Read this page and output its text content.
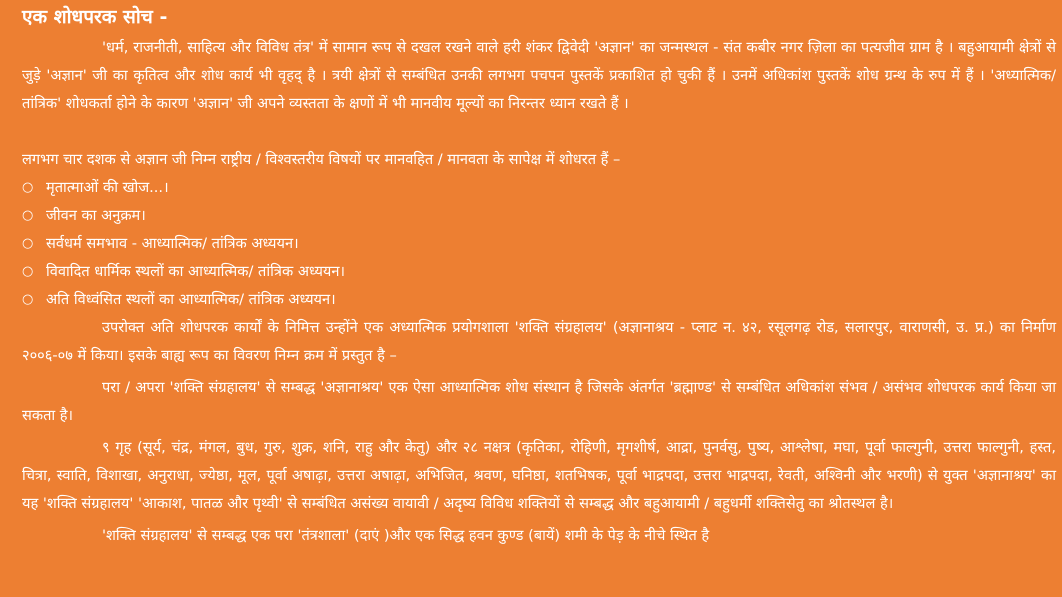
एक शोधपरक सोच -

'धर्म, राजनीती, साहित्य और विविध तंत्र' में सामान रूप से दखल रखने वाले हरी शंकर द्विवेदी 'अज्ञान' का जन्मस्थल - संत कबीर नगर ज़िला का पत्यजीव ग्राम है । बहुआयामी क्षेत्रों से जुड़े 'अज्ञान' जी का कृतित्व और शोध कार्य भी वृहद् है । त्रयी क्षेत्रों से सम्बंधित उनकी लगभग पचपन पुस्तकें प्रकाशित हो चुकी हैं । उनमें अधिकांश पुस्तकें शोध ग्रन्थ के रुप में हैं । 'अध्यात्मिक/ तांत्रिक' शोधकर्ता होने के कारण 'अज्ञान' जी अपने व्यस्तता के क्षणों में भी मानवीय मूल्यों का निरन्तर ध्यान रखते हैं ।

लगभग चार दशक से अज्ञान जी निम्न राष्ट्रीय / विश्वस्तरीय विषयों पर मानवहित / मानवता के सापेक्ष में शोधरत हैं –

○ मृतात्माओं की खोज...।
○ जीवन का अनुक्रम।
○ सर्वधर्म समभाव - आध्यात्मिक/ तांत्रिक अध्ययन।
○ विवादित धार्मिक स्थलों का आध्यात्मिक/ तांत्रिक अध्ययन।
○ अति विध्वंसित स्थलों का आध्यात्मिक/ तांत्रिक अध्ययन।

उपरोक्त अति शोधपरक कार्यों के निमित्त उन्होंने एक अध्यात्मिक प्रयोगशाला 'शक्ति संग्रहालय' (अज्ञानाश्रय - प्लाट न. ४२, रसूलगढ़ रोड, सलारपुर, वाराणसी, उ. प्र.) का निर्माण २००६-०७ में किया। इसके बाह्य रूप का विवरण निम्न क्रम में प्रस्तुत है –

परा / अपरा 'शक्ति संग्रहालय' से सम्बद्ध 'अज्ञानाश्रय' एक ऐसा आध्यात्मिक शोध संस्थान है जिसके अंतर्गत 'ब्रह्माण्ड' से सम्बंधित अधिकांश संभव / असंभव शोधपरक कार्य किया जा सकता है।

९ गृह (सूर्य, चंद्र, मंगल, बुध, गुरु, शुक्र, शनि, राहु और केतु) और २८ नक्षत्र (कृतिका, रोहिणी, मृगशीर्ष, आद्रा, पुनर्वसु, पुष्य, आश्लेषा, मघा, पूर्वा फाल्गुनी, उत्तरा फाल्गुनी, हस्त, चित्रा, स्वाति, विशाखा, अनुराधा, ज्येष्ठा, मूल, पूर्वा अषाढ़ा, उत्तरा अषाढ़ा, अभिजित, श्रवण, घनिष्ठा, शतभिषक, पूर्वा भाद्रपदा, उत्तरा भाद्रपदा, रेवती, अश्विनी और भरणी) से युक्त 'अज्ञानाश्रय' का यह 'शक्ति संग्रहालय' 'आकाश, पातळ और पृथ्वी' से सम्बंधित असंख्य वायावी / अदृष्य विविध शक्तियों से सम्बद्ध और बहुआयामी / बहुधर्मी शक्तिसेतु का श्रोतस्थल है।

'शक्ति संग्रहालय' से सम्बद्ध एक परा 'तंत्रशाला' (दाएं )और एक सिद्ध हवन कुण्ड (बायें) शमी के पेड़ के नीचे स्थित है
